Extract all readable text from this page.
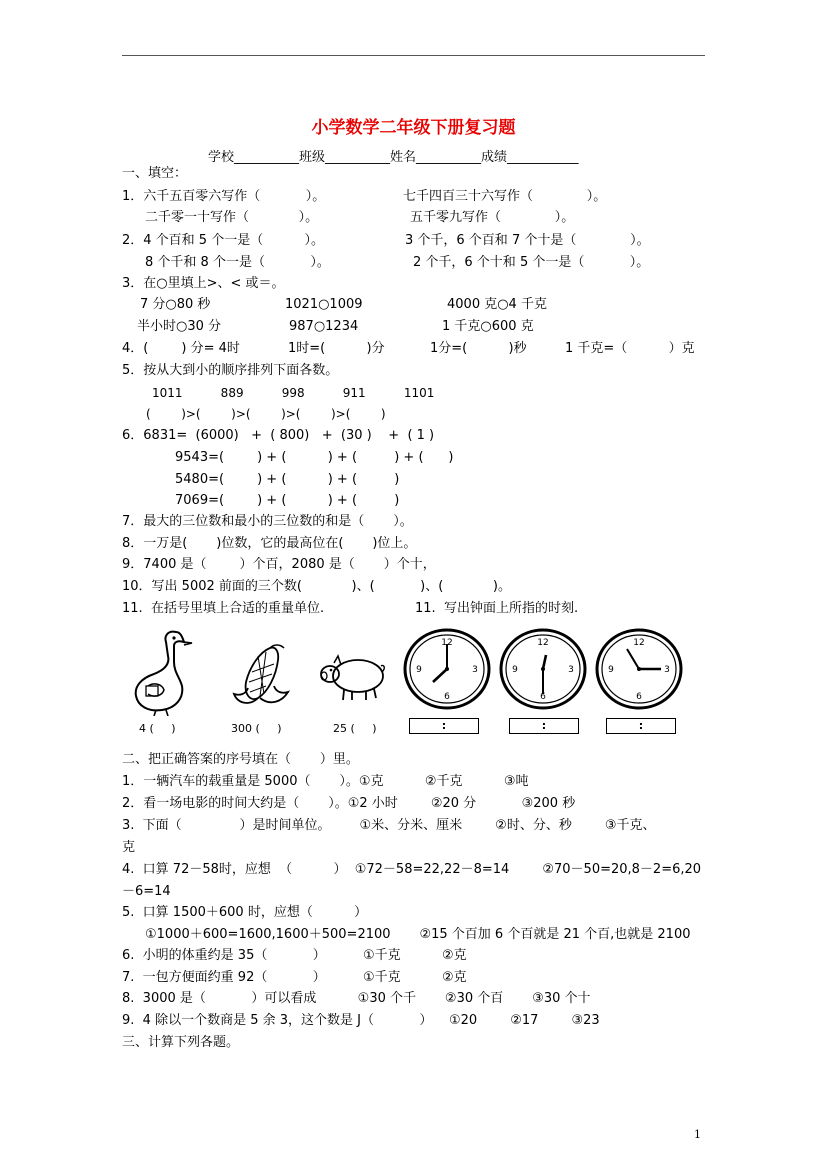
小学数学二年级下册复习题
学校__________班级__________姓名__________成绩___________
一、填空：
1．六千五百零六写作（           ）。	七千四百三十六写作（             ）。
二千零一十写作（            ）。	五千零九写作（             ）。
2．4 个百和 5 个一是（          ）。	3 个千，6 个百和 7 个十是（             ）。
8 个千和 8 个一是（           ）。	2 个千，6 个十和 5 个一是（           ）。
3．在○里填上>、< 或＝。
7 分○80 秒	1021○1009	4000 克○4 千克
半小时○30 分	987○1234	1 千克○600 克
4．(        ) 分= 4时	1时=(          )分	1分=(          )秒	1 千克=（          ）克
5．按从大到小的顺序排列下面各数。
1011          889          998          911          1101
(        )>(        )>(        )>(        )>(        )
6．6831=  (6000)   +  ( 800)   +  (30 )    +  ( 1 )
9543=(        ) + (          ) + (         ) + (      )
5480=(        ) + (          ) + (         )
7069=(        ) + (          ) + (         )
7．最大的三位数和最小的三位数的和是（       ）。
8．一万是(       )位数，它的最高位在(       )位上。
9．7400 是（        ）个百，2080 是（       ）个十，
10．写出 5002 前面的三个数(            )、(           )、(            )。
11.  在括号里填上合适的重量单位.	11.  写出钟面上所指的时刻.
4 (     )	300 (     )	25 (     )
12
3
6
9
12
3
6
9
12
3
6
9
:	:	:
二、把正确答案的序号填在（       ）里。
1．一辆汽车的载重量是 5000（       ）。①克          ②千克          ③吨
2．看一场电影的时间大约是（       ）。①2 小时        ②20 分           ③200 秒
3.  下面（              ）是时间单位。       ①米、分米、厘米        ②时、分、秒        ③千克、
克
4.  口算 72－58时，应想  （          ）  ①72－58=22,22－8=14        ②70－50=20,8－2=6,20
－6=14
5.  口算 1500＋600 时，应想（          ）
①1000＋600=1600,1600＋500=2100       ②15 个百加 6 个百就是 21 个百,也就是 2100
6.  小明的体重约是 35（           ）         ①千克          ②克
7.  一包方便面约重 92（           ）         ①千克          ②克
8.  3000 是（           ）可以看成          ①30 个千       ②30 个百       ③30 个十
9.  4 除以一个数商是 5 余 3，这个数是 J（           ）    ①20        ②17        ③23
三、计算下列各题。
1
